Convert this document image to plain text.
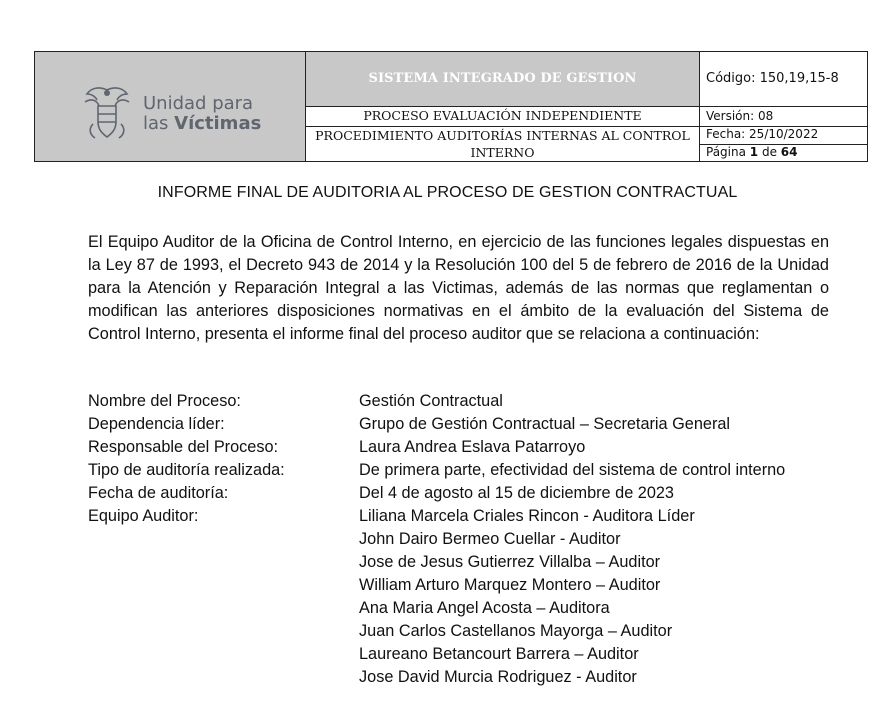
Unidad para
las Víctimas	SISTEMA INTEGRADO DE GESTION	Código: 150,19,15-8
	PROCESO EVALUACIÓN INDEPENDIENTE	Versión: 08
	PROCEDIMIENTO AUDITORÍAS INTERNAS AL CONTROL INTERNO	Fecha: 25/10/2022
		Página 1 de 64
INFORME FINAL DE AUDITORIA AL PROCESO DE GESTION CONTRACTUAL

El Equipo Auditor de la Oficina de Control Interno, en ejercicio de las funciones legales dispuestas en la Ley 87 de 1993, el Decreto 943 de 2014 y la Resolución 100 del 5 de febrero de 2016 de la Unidad para la Atención y Reparación Integral a las Victimas, además de las normas que reglamentan o modifican las anteriores disposiciones normativas en el ámbito de la evaluación del Sistema de Control Interno, presenta el informe final del proceso auditor que se relaciona a continuación:

Nombre del Proceso:	Gestión Contractual
Dependencia líder:	Grupo de Gestión Contractual – Secretaria General
Responsable del Proceso:	Laura Andrea Eslava Patarroyo
Tipo de auditoría realizada:	De primera parte, efectividad del sistema de control interno
Fecha de auditoría:	Del 4 de agosto al 15 de diciembre de 2023
Equipo Auditor:	Liliana Marcela Criales Rincon - Auditora Líder
John Dairo Bermeo Cuellar - Auditor
Jose de Jesus Gutierrez Villalba – Auditor
William Arturo Marquez Montero – Auditor
Ana Maria Angel Acosta – Auditora
Juan Carlos Castellanos Mayorga – Auditor
Laureano Betancourt Barrera – Auditor
Jose David Murcia Rodriguez - Auditor
